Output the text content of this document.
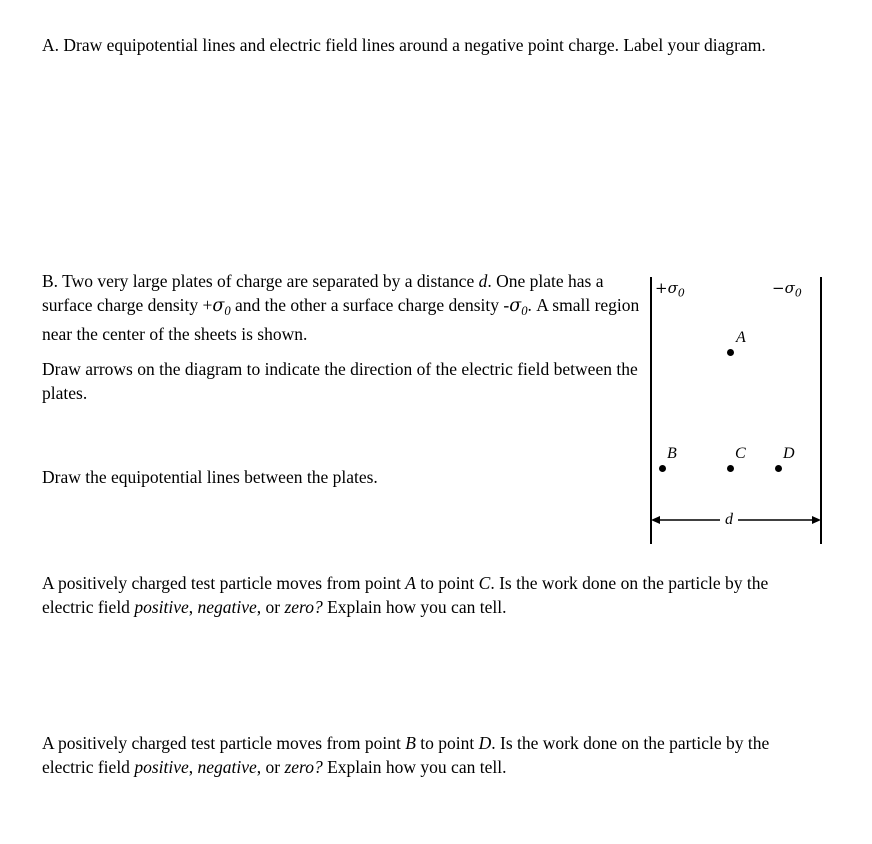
A. Draw equipotential lines and electric field lines around a negative point charge. Label your diagram.
B. Two very large plates of charge are separated by a distance d. One plate has a surface charge density $+\sigma_0$ and the other a surface charge density $-\sigma_0$. A small region near the center of the sheets is shown.
Draw arrows on the diagram to indicate the direction of the electric field between the plates.
Draw the equipotential lines between the plates.
A positively charged test particle moves from point A to point C. Is the work done on the particle by the electric field positive, negative, or zero? Explain how you can tell.
A positively charged test particle moves from point B to point D. Is the work done on the particle by the electric field positive, negative, or zero? Explain how you can tell.
$+\sigma_0$	$-\sigma_0$
A
B	C D
d
